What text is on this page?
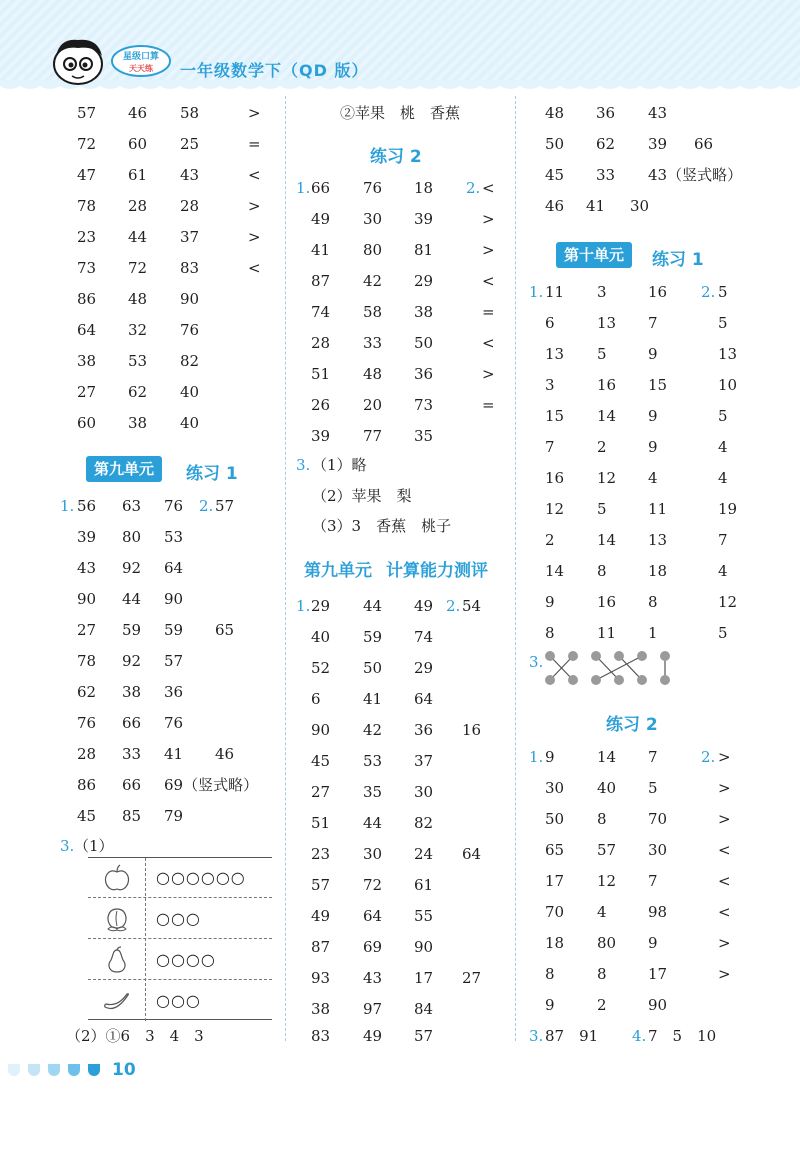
星级口算
天天练 一年级数学下（QD 版）
57 46 58	>
72 60 25	=
47 61 43	<
78 28 28	>
23 44 37	>
73 72 83	<
86 48 90
64 32 76
38 53 82
27 62 40
60 38 40
第九单元	练习 1
1.	2.
56 63 76 57
39 80 53
43 92 64
90 44 90
27 59 59 65
78 92 57
62 38 36
76 66 76
28 33 41 46
86 66 69（竖式略）
45 85 79
3. （1）
○○○○○○
○○○
○○○○
○○○
（2）①6　3　4　3
②苹果　桃　香蕉
练习 2
1.	2.
66 76 18	<
49 30 39	>
41 80 81	>
87 42 29	<
74 58 38	=
28 33 50	<
51 48 36	>
26 20 73	=
39 77 35
3. （1）略
（2）苹果　梨
（3）3　香蕉　桃子
第九单元 计算能力测评
1.	2.
29 44 49 54
40 59 74
52 50 29
6	41 64
90 42 36 16
45 53 37
27 35 30
51 44 82
23 30 24 64
57 72 61
49 64 55
87 69 90
93 43 17 27
38 97 84
83 49 57
48 36 43
50 62 39 66
45 33 43（竖式略）
46 41 30
第十单元	练习 1
1.	2.
11 3	16	5
6	13 7	5
13 5	9	13
3	16 15	10
15 14 9	5
7	2	9	4
16 12 4	4
12 5	11	19
2	14 13	7
14 8	18	4
9	16 8	12
8	11 1	5
3.
练习 2
1.	2.
9	14 7	>
30 40 5	>
50 8	70	>
65 57 30	<
17 12 7	<
70 4	98	<
18 80 9	>
8	8	17	>
9	2	90
3. 87　91 4. 7　5　10
10
